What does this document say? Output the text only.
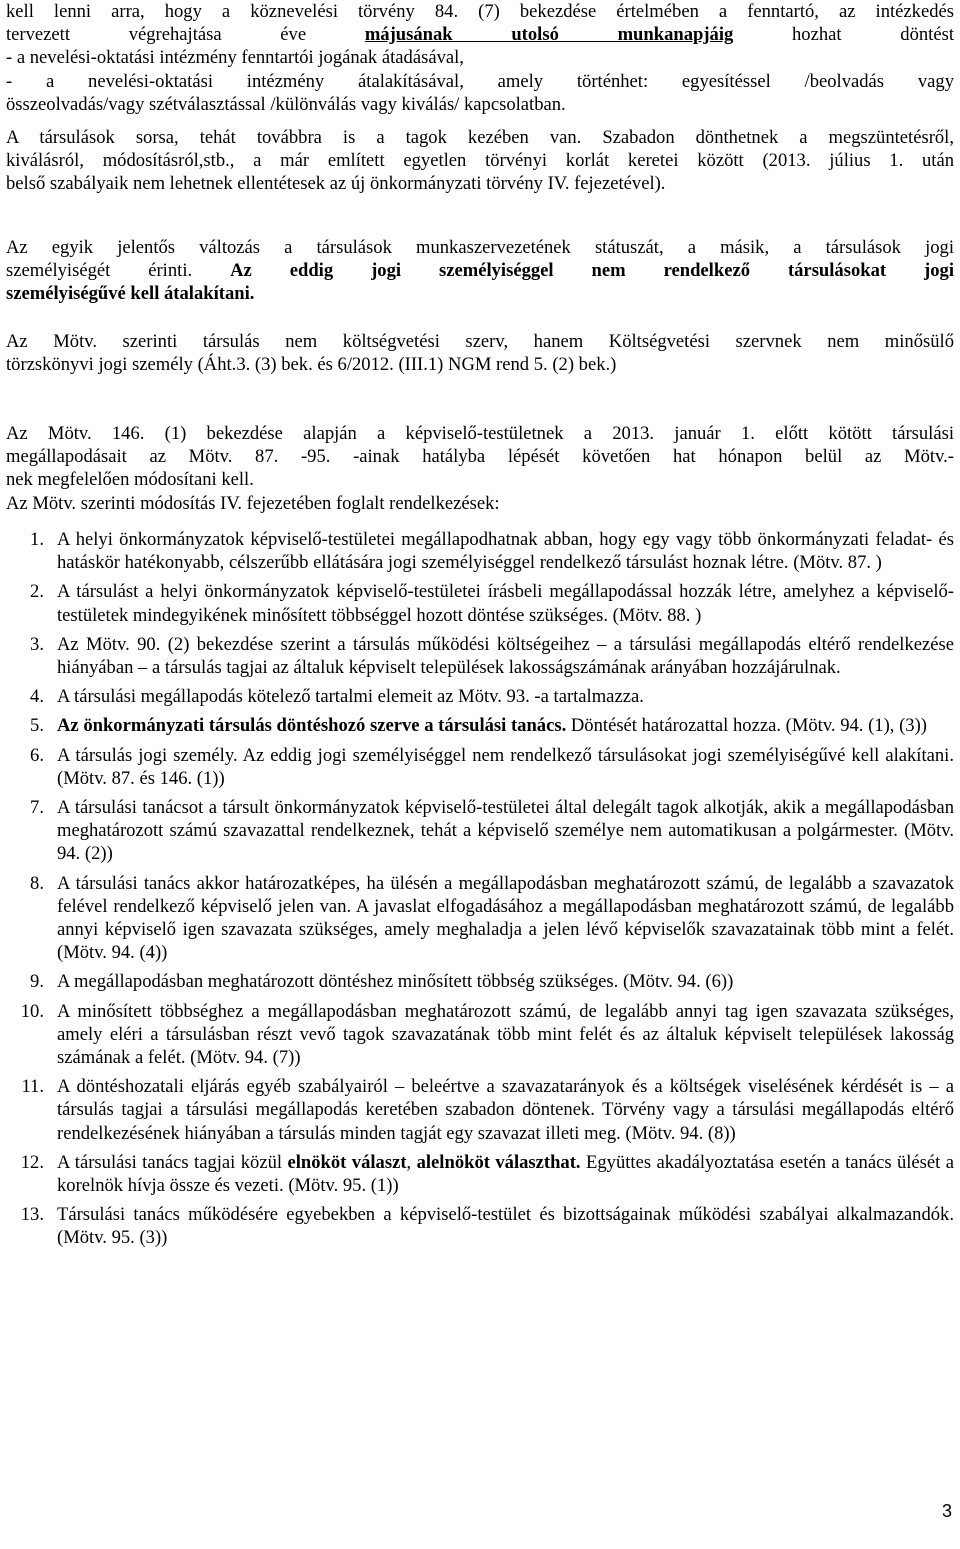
kell lenni arra, hogy a köznevelési törvény 84. (7) bekezdése értelmében a fenntartó, az intézkedés
tervezett végrehajtása éve májusának utolsó munkanapjáig hozhat döntést
- a nevelési-oktatási intézmény fenntartói jogának átadásával,
- a nevelési-oktatási intézmény átalakításával, amely történhet: egyesítéssel /beolvadás vagy
összeolvadás/vagy szétválasztással /különválás vagy kiválás/ kapcsolatban.
A társulások sorsa, tehát továbbra is a tagok kezében van. Szabadon dönthetnek a megszüntetésről,
kiválásról, módosításról,stb., a már említett egyetlen törvényi korlát keretei között (2013. július 1. után
belső szabályaik nem lehetnek ellentétesek az új önkormányzati törvény IV. fejezetével).
Az egyik jelentős változás a társulások munkaszervezetének státuszát, a másik, a társulások jogi
személyiségét érinti. Az eddig jogi személyiséggel nem rendelkező társulásokat jogi
személyiségűvé kell átalakítani.
Az Mötv. szerinti társulás nem költségvetési szerv, hanem Költségvetési szervnek nem minősülő
törzskönyvi jogi személy (Áht.3. (3) bek. és 6/2012. (III.1) NGM rend 5. (2) bek.)
Az Mötv. 146. (1) bekezdése alapján a képviselő-testületnek a 2013. január 1. előtt kötött társulási
megállapodásait az Mötv. 87. -95. -ainak hatályba lépését követően hat hónapon belül az Mötv.-
nek megfelelően módosítani kell.
Az Mötv. szerinti módosítás IV. fejezetében foglalt rendelkezések:
1. A helyi önkormányzatok képviselő-testületei megállapodhatnak abban, hogy egy vagy több önkormányzati feladat- és hatáskör hatékonyabb, célszerűbb ellátására jogi személyiséggel rendelkező társulást hoznak létre. (Mötv. 87. )
2. A társulást a helyi önkormányzatok képviselő-testületei írásbeli megállapodással hozzák létre, amelyhez a képviselő-testületek mindegyikének minősített többséggel hozott döntése szükséges. (Mötv. 88. )
3. Az Mötv. 90. (2) bekezdése szerint a társulás működési költségeihez – a társulási megállapodás eltérő rendelkezése hiányában – a társulás tagjai az általuk képviselt települések lakosságszámának arányában hozzájárulnak.
4. A társulási megállapodás kötelező tartalmi elemeit az Mötv. 93. -a tartalmazza.
5. Az önkormányzati társulás döntéshozó szerve a társulási tanács. Döntését határozattal hozza. (Mötv. 94. (1), (3))
6. A társulás jogi személy. Az eddig jogi személyiséggel nem rendelkező társulásokat jogi személyiségűvé kell alakítani. (Mötv. 87. és 146. (1))
7. A társulási tanácsot a társult önkormányzatok képviselő-testületei által delegált tagok alkotják, akik a megállapodásban meghatározott számú szavazattal rendelkeznek, tehát a képviselő személye nem automatikusan a polgármester. (Mötv. 94. (2))
8. A társulási tanács akkor határozatképes, ha ülésén a megállapodásban meghatározott számú, de legalább a szavazatok felével rendelkező képviselő jelen van. A javaslat elfogadásához a megállapodásban meghatározott számú, de legalább annyi képviselő igen szavazata szükséges, amely meghaladja a jelen lévő képviselők szavazatainak több mint a felét. (Mötv. 94. (4))
9. A megállapodásban meghatározott döntéshez minősített többség szükséges. (Mötv. 94. (6))
10. A minősített többséghez a megállapodásban meghatározott számú, de legalább annyi tag igen szavazata szükséges, amely eléri a társulásban részt vevő tagok szavazatának több mint felét és az általuk képviselt települések lakosság számának a felét. (Mötv. 94. (7))
11. A döntéshozatali eljárás egyéb szabályairól – beleértve a szavazatarányok és a költségek viselésének kérdését is – a társulás tagjai a társulási megállapodás keretében szabadon döntenek. Törvény vagy a társulási megállapodás eltérő rendelkezésének hiányában a társulás minden tagját egy szavazat illeti meg. (Mötv. 94. (8))
12. A társulási tanács tagjai közül elnököt választ, alelnököt választhat. Együttes akadályoztatása esetén a tanács ülését a korelnök hívja össze és vezeti. (Mötv. 95. (1))
13. Társulási tanács működésére egyebekben a képviselő-testület és bizottságainak működési szabályai alkalmazandók. (Mötv. 95. (3))
3
